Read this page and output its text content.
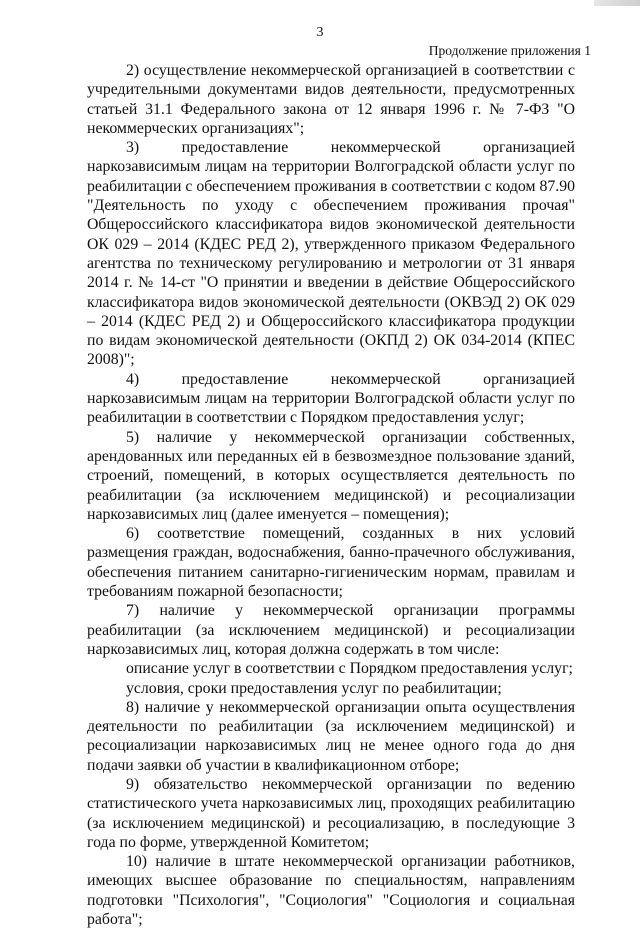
3
Продолжение приложения 1

2) осуществление некоммерческой организацией в соответствии с учредительными документами видов деятельности, предусмотренных статьей 31.1 Федерального закона от 12 января 1996 г. № 7-ФЗ "О некоммерческих организациях";

3) предоставление некоммерческой организацией наркозависимым лицам на территории Волгоградской области услуг по реабилитации с обеспечением проживания в соответствии с кодом 87.90 "Деятельность по уходу с обеспечением проживания прочая" Общероссийского классификатора видов экономической деятельности ОК 029 – 2014 (КДЕС РЕД 2), утвержденного приказом Федерального агентства по техническому регулированию и метрологии от 31 января 2014 г. № 14-ст "О принятии и введении в действие Общероссийского классификатора видов экономической деятельности (ОКВЭД 2) ОК 029 – 2014 (КДЕС РЕД 2) и Общероссийского классификатора продукции по видам экономической деятельности (ОКПД 2) ОК 034-2014 (КПЕС 2008)";

4) предоставление некоммерческой организацией наркозависимым лицам на территории Волгоградской области услуг по реабилитации в соответствии с Порядком предоставления услуг;

5) наличие у некоммерческой организации собственных, арендованных или переданных ей в безвозмездное пользование зданий, строений, помещений, в которых осуществляется деятельность по реабилитации (за исключением медицинской) и ресоциализации наркозависимых лиц (далее именуется – помещения);

6) соответствие помещений, созданных в них условий размещения граждан, водоснабжения, банно-прачечного обслуживания, обеспечения питанием санитарно-гигиеническим нормам, правилам и требованиям пожарной безопасности;

7) наличие у некоммерческой организации программы реабилитации (за исключением медицинской) и ресоциализации наркозависимых лиц, которая должна содержать в том числе:

описание услуг в соответствии с Порядком предоставления услуг;

условия, сроки предоставления услуг по реабилитации;

8) наличие у некоммерческой организации опыта осуществления деятельности по реабилитации (за исключением медицинской) и ресоциализации наркозависимых лиц не менее одного года до дня подачи заявки об участии в квалификационном отборе;

9) обязательство некоммерческой организации по ведению статистического учета наркозависимых лиц, проходящих реабилитацию (за исключением медицинской) и ресоциализацию, в последующие 3 года по форме, утвержденной Комитетом;

10) наличие в штате некоммерческой организации работников, имеющих высшее образование по специальностям, направлениям подготовки "Психология", "Социология" "Социология и социальная работа";
